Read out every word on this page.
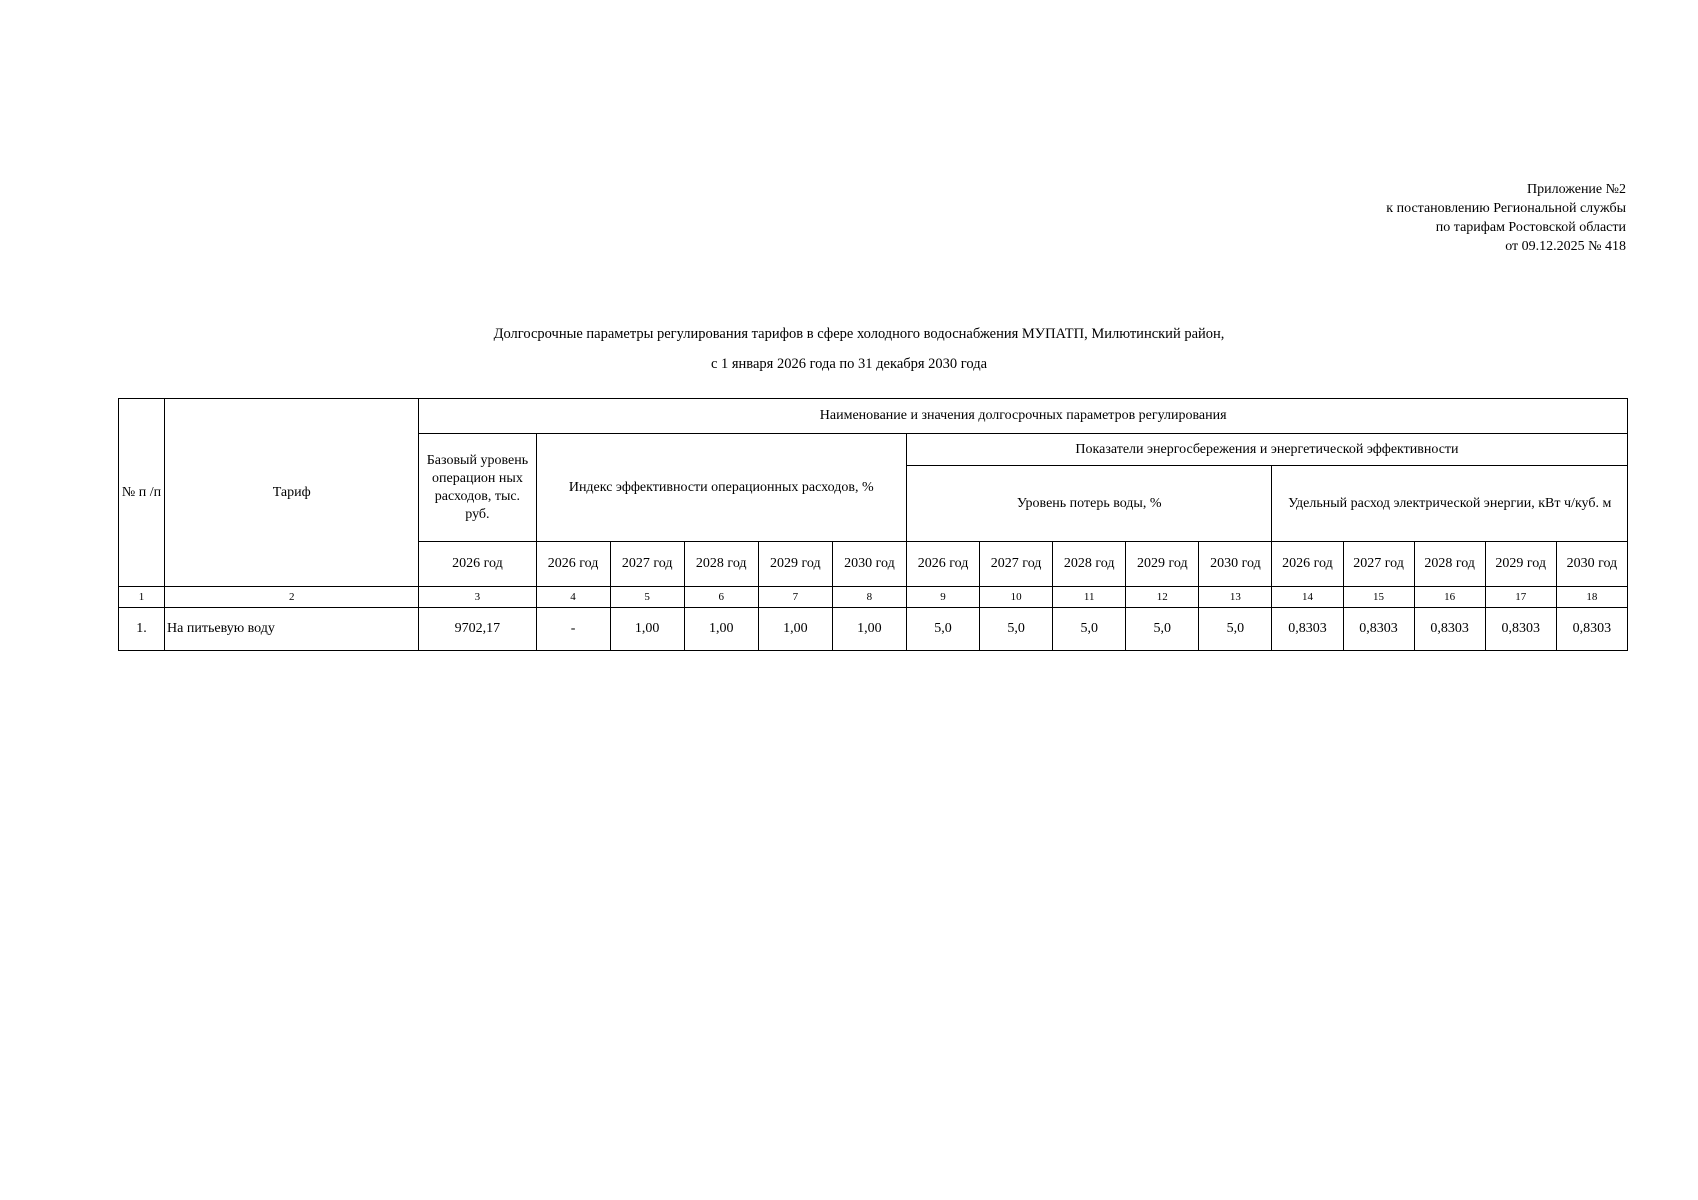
Приложение №2
к постановлению Региональной службы
по тарифам Ростовской области
от 09.12.2025 № 418
Долгосрочные параметры регулирования тарифов в сфере холодного водоснабжения МУПАТП, Милютинский район,
с 1 января 2026 года по 31 декабря 2030 года
№ п /п	Тариф	Наименование и значения долгосрочных параметров регулирования															
		Базовый уровень операцион ных расходов, тыс. руб.	Индекс эффективности операционных расходов, %					Показатели энергосбережения и энергетической эффективности									
								Уровень потерь воды, %					Удельный расход электрической энергии, кВт ч/куб. м				
		2026 год	2026 год	2027 год	2028 год	2029 год	2030 год	2026 год	2027 год	2028 год	2029 год	2030 год	2026 год	2027 год	2028 год	2029 год	2030 год
1	2	3	4	5	6	7	8	9	10	11	12	13	14	15	16	17	18
1.	На питьевую воду	9702,17	-	1,00	1,00	1,00	1,00	5,0	5,0	5,0	5,0	5,0	0,8303	0,8303	0,8303	0,8303	0,8303
